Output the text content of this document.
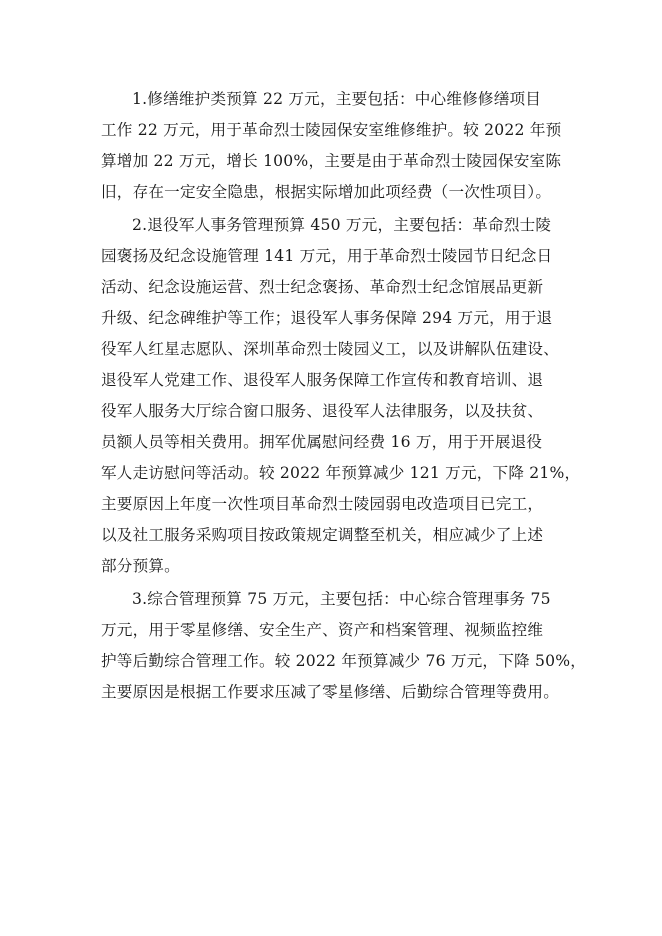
1.修缮维护类预算 22 万元，主要包括：中心维修修缮项目
工作 22 万元，用于革命烈士陵园保安室维修维护。较 2022 年预
算增加 22 万元，增长 100%，主要是由于革命烈士陵园保安室陈
旧，存在一定安全隐患，根据实际增加此项经费（一次性项目）。
2.退役军人事务管理预算 450 万元，主要包括：革命烈士陵
园褒扬及纪念设施管理 141 万元，用于革命烈士陵园节日纪念日
活动、纪念设施运营、烈士纪念褒扬、革命烈士纪念馆展品更新
升级、纪念碑维护等工作；退役军人事务保障 294 万元，用于退
役军人红星志愿队、深圳革命烈士陵园义工，以及讲解队伍建设、
退役军人党建工作、退役军人服务保障工作宣传和教育培训、退
役军人服务大厅综合窗口服务、退役军人法律服务，以及扶贫、
员额人员等相关费用。拥军优属慰问经费 16 万，用于开展退役
军人走访慰问等活动。较 2022 年预算减少 121 万元，下降 21%，
主要原因上年度一次性项目革命烈士陵园弱电改造项目已完工，
以及社工服务采购项目按政策规定调整至机关，相应减少了上述
部分预算。
3.综合管理预算 75 万元，主要包括：中心综合管理事务 75
万元，用于零星修缮、安全生产、资产和档案管理、视频监控维
护等后勤综合管理工作。较 2022 年预算减少 76 万元，下降 50%，
主要原因是根据工作要求压减了零星修缮、后勤综合管理等费用。
